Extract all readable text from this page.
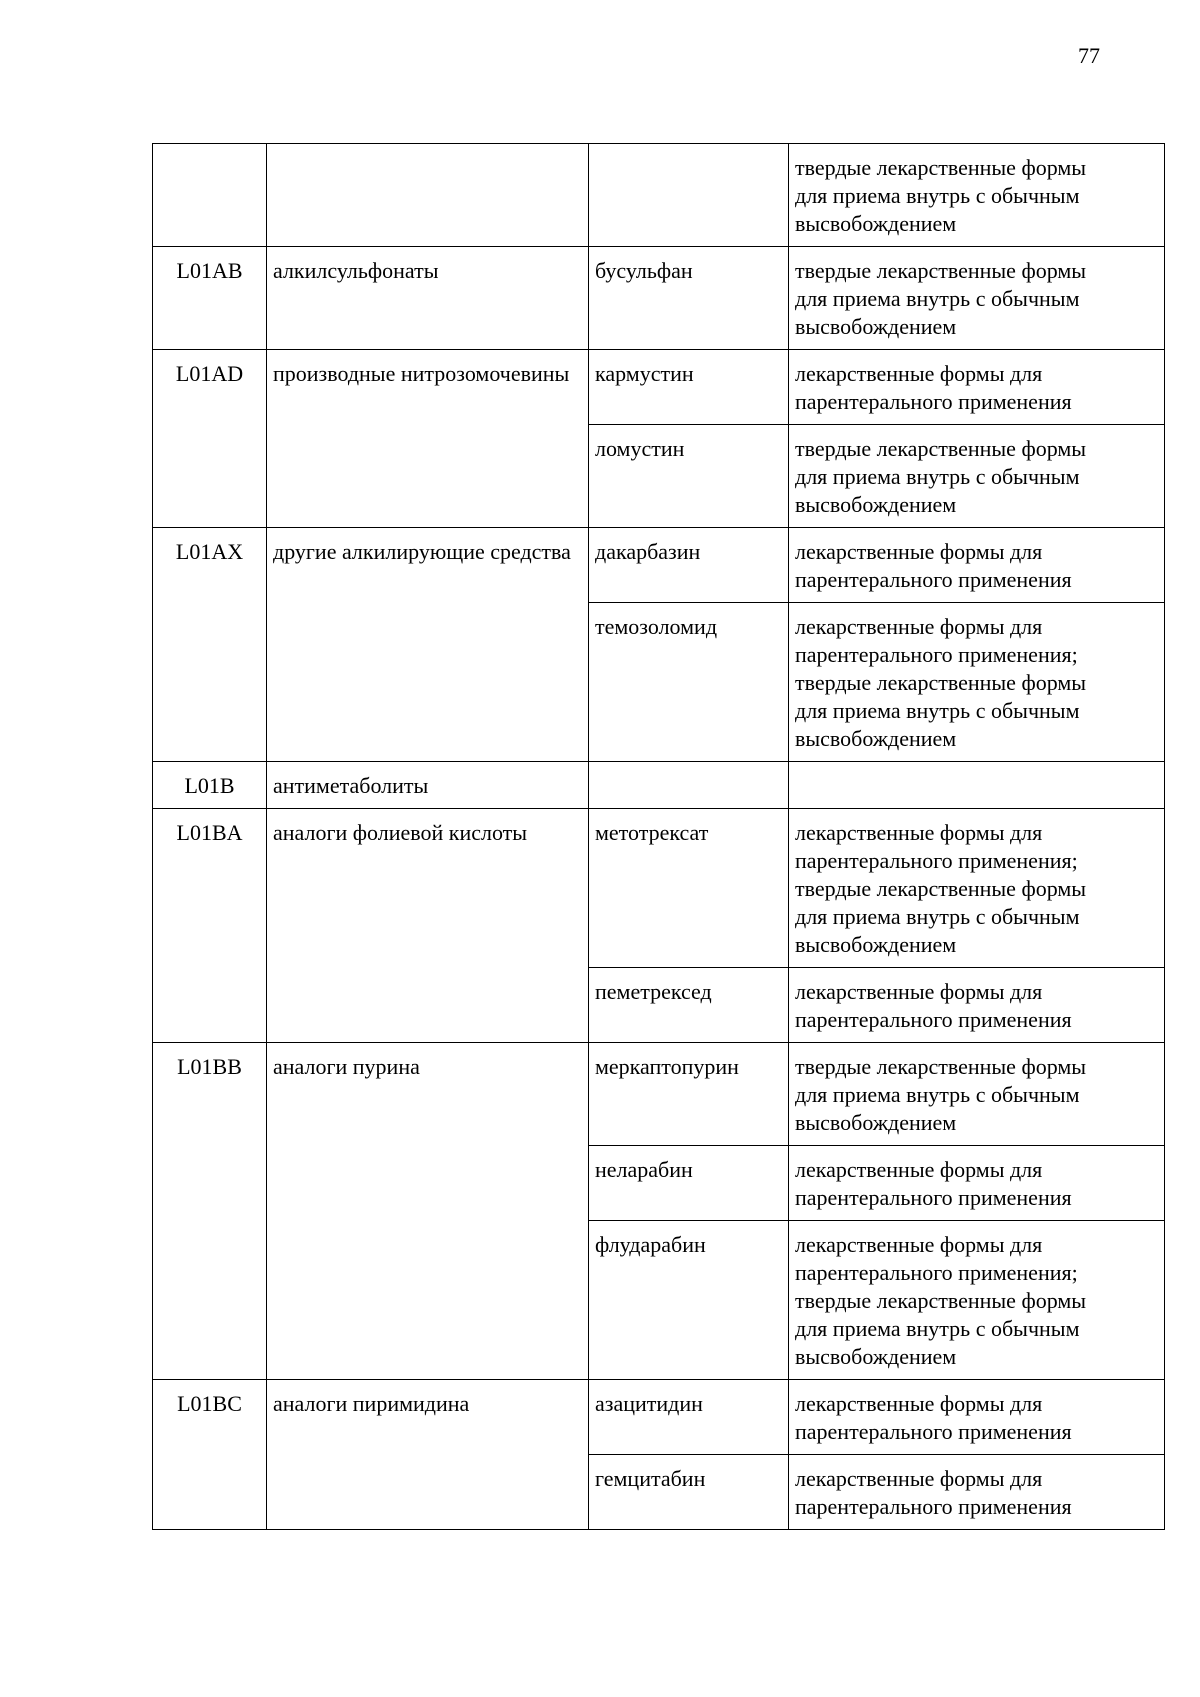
77

			твердые лекарственные формы
для приема внутрь с обычным
высвобождением

L01AB	алкилсульфонаты	бусульфан	твердые лекарственные формы
для приема внутрь с обычным
высвобождением

L01AD	производные нитрозомочевины	кармустин	лекарственные формы для
парентерального применения

		ломустин	твердые лекарственные формы
для приема внутрь с обычным
высвобождением

L01AX	другие алкилирующие средства	дакарбазин	лекарственные формы для
парентерального применения

		темозоломид	лекарственные формы для
парентерального применения;
твердые лекарственные формы
для приема внутрь с обычным
высвобождением

L01B	антиметаболиты		
L01BA	аналоги фолиевой кислоты	метотрексат	лекарственные формы для
парентерального применения;
твердые лекарственные формы
для приема внутрь с обычным
высвобождением

		пеметрексед	лекарственные формы для
парентерального применения

L01BB	аналоги пурина	меркаптопурин	твердые лекарственные формы
для приема внутрь с обычным
высвобождением

		неларабин	лекарственные формы для
парентерального применения

		флударабин	лекарственные формы для
парентерального применения;
твердые лекарственные формы
для приема внутрь с обычным
высвобождением

L01BC	аналоги пиримидина	азацитидин	лекарственные формы для
парентерального применения

		гемцитабин	лекарственные формы для
парентерального применения
